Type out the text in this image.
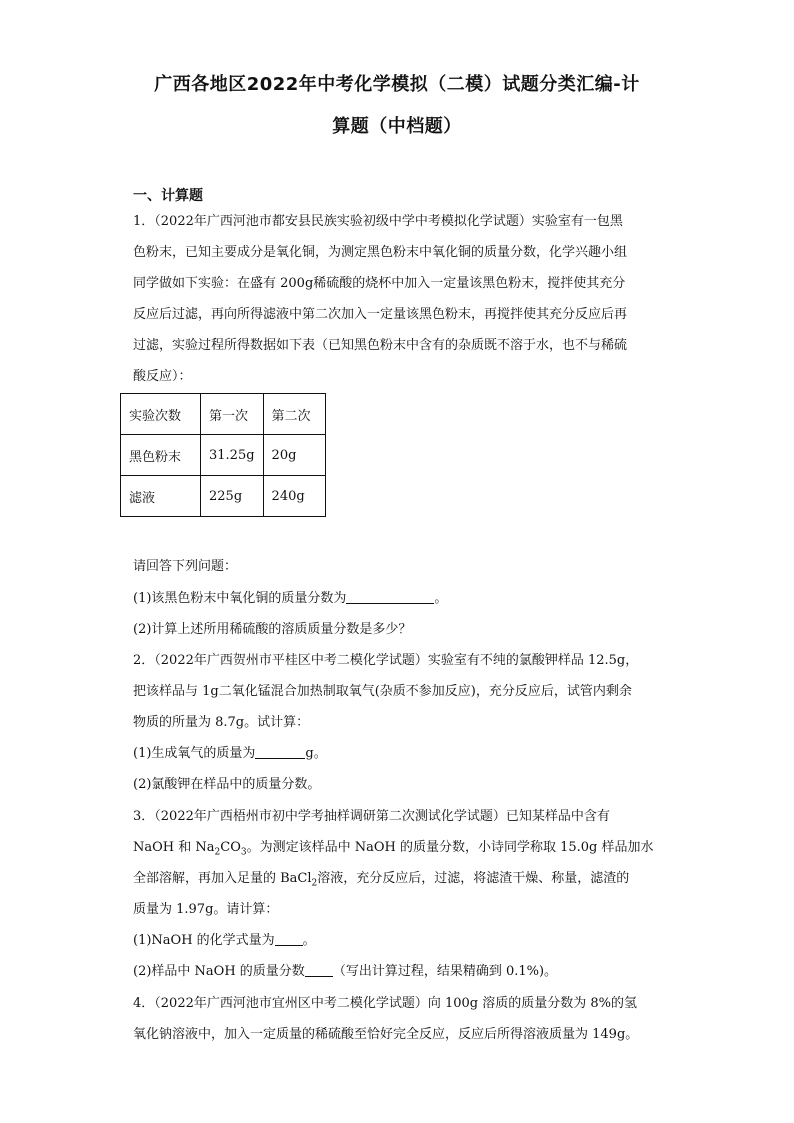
广西各地区2022年中考化学模拟（二模）试题分类汇编-计
算题（中档题）
一、计算题
1．（2022年广西河池市都安县民族实验初级中学中考模拟化学试题）实验室有一包黑
色粉末，已知主要成分是氧化铜，为测定黑色粉末中氧化铜的质量分数，化学兴趣小组
同学做如下实验：在盛有 200g稀硫酸的烧杯中加入一定量该黑色粉末，搅拌使其充分
反应后过滤，再向所得滤液中第二次加入一定量该黑色粉末，再搅拌使其充分反应后再
过滤，实验过程所得数据如下表（已知黑色粉末中含有的杂质既不溶于水，也不与稀硫
酸反应）：
实验次数	第一次	第二次
黑色粉末	31.25g	20g
滤液	225g	240g
请回答下列问题：
(1)该黑色粉末中氧化铜的质量分数为	。
(2)计算上述所用稀硫酸的溶质质量分数是多少？
2．（2022年广西贺州市平桂区中考二模化学试题）实验室有不纯的氯酸钾样品 12.5g，
把该样品与 1g二氧化锰混合加热制取氧气(杂质不参加反应)，充分反应后，试管内剩余
物质的所量为 8.7g。试计算：
(1)生成氧气的质量为	g。
(2)氯酸钾在样品中的质量分数。
3．（2022年广西梧州市初中学考抽样调研第二次测试化学试题）已知某样品中含有
NaOH 和 $Na_2CO_3$。为测定该样品中 NaOH 的质量分数，小诗同学称取 15.0g 样品加水
全部溶解，再加入足量的 BaCl$_2$溶液，充分反应后，过滤，将滤渣干燥、称量，滤渣的
质量为 1.97g。请计算：
(1)NaOH 的化学式量为 。
(2)样品中 NaOH 的质量分数 （写出计算过程，结果精确到 0.1%)。
4．（2022年广西河池市宜州区中考二模化学试题）向 100g 溶质的质量分数为 8%的氢
氧化钠溶液中，加入一定质量的稀硫酸至恰好完全反应，反应后所得溶液质量为 149g。
